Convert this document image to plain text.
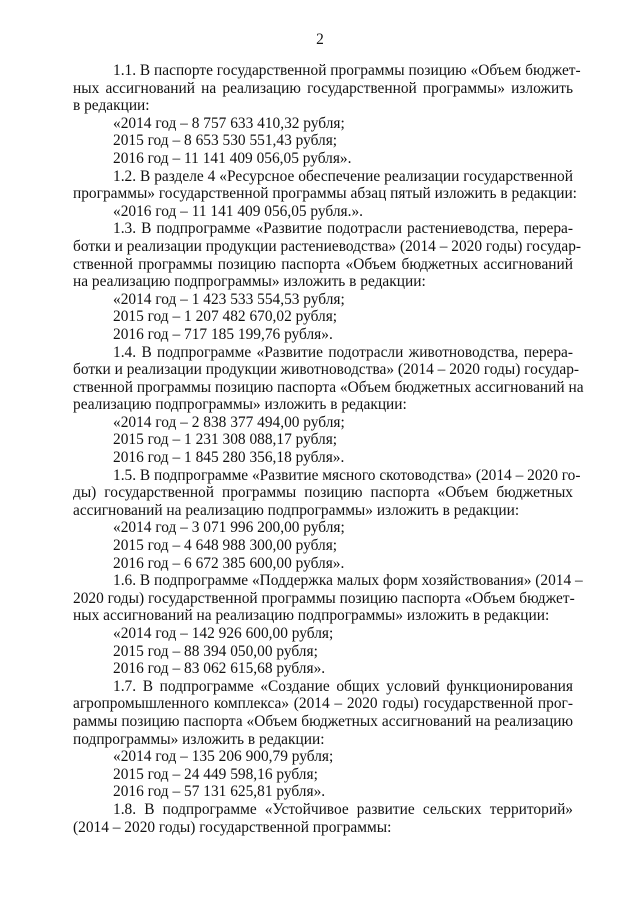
2
1.1. В паспорте государственной программы позицию «Объем бюджет-
ных ассигнований на реализацию государственной программы» изложить
в редакции:
«2014 год – 8 757 633 410,32 рубля;
2015 год – 8 653 530 551,43 рубля;
2016 год – 11 141 409 056,05 рубля».
1.2. В разделе 4 «Ресурсное обеспечение реализации государственной
программы» государственной программы абзац пятый изложить в редакции:
«2016 год – 11 141 409 056,05 рубля.».
1.3. В подпрограмме «Развитие подотрасли растениеводства, перера-
ботки и реализации продукции растениеводства» (2014 – 2020 годы) государ-
ственной программы позицию паспорта «Объем бюджетных ассигнований
на реализацию подпрограммы» изложить в редакции:
«2014 год – 1 423 533 554,53 рубля;
2015 год – 1 207 482 670,02 рубля;
2016 год – 717 185 199,76 рубля».
1.4. В подпрограмме «Развитие подотрасли животноводства, перера-
ботки и реализации продукции животноводства» (2014 – 2020 годы) государ-
ственной программы позицию паспорта «Объем бюджетных ассигнований на
реализацию подпрограммы» изложить в редакции:
«2014 год – 2 838 377 494,00 рубля;
2015 год – 1 231 308 088,17 рубля;
2016 год – 1 845 280 356,18 рубля».
1.5. В подпрограмме «Развитие мясного скотоводства» (2014 – 2020 го-
ды) государственной программы позицию паспорта «Объем бюджетных
ассигнований на реализацию подпрограммы» изложить в редакции:
«2014 год – 3 071 996 200,00 рубля;
2015 год – 4 648 988 300,00 рубля;
2016 год – 6 672 385 600,00 рубля».
1.6. В подпрограмме «Поддержка малых форм хозяйствования» (2014 –
2020 годы) государственной программы позицию паспорта «Объем бюджет-
ных ассигнований на реализацию подпрограммы» изложить в редакции:
«2014 год – 142 926 600,00 рубля;
2015 год – 88 394 050,00 рубля;
2016 год – 83 062 615,68 рубля».
1.7. В подпрограмме «Создание общих условий функционирования
агропромышленного комплекса» (2014 – 2020 годы) государственной прог-
раммы позицию паспорта «Объем бюджетных ассигнований на реализацию
подпрограммы» изложить в редакции:
«2014 год – 135 206 900,79 рубля;
2015 год – 24 449 598,16 рубля;
2016 год – 57 131 625,81 рубля».
1.8. В подпрограмме «Устойчивое развитие сельских территорий»
(2014 – 2020 годы) государственной программы:
